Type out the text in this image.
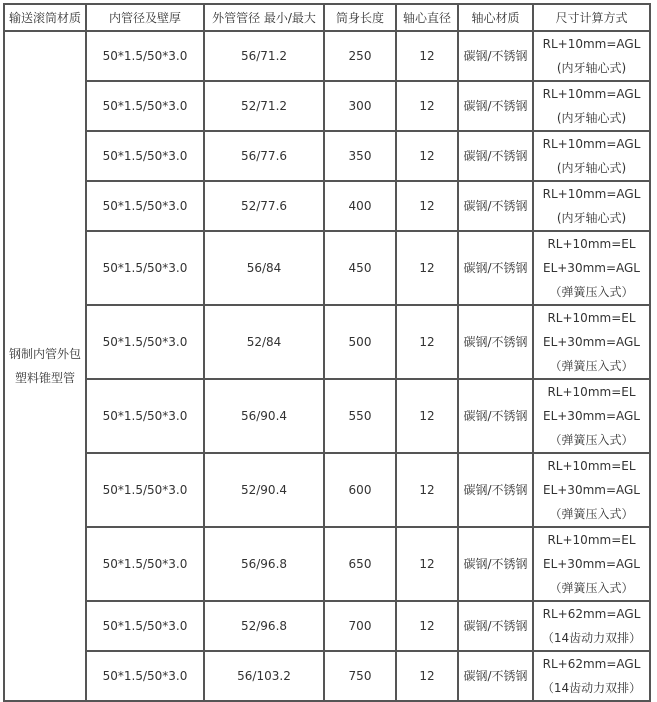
输送滚筒材质	内管径及壁厚	外管管径 最小/最大	筒身长度	轴心直径	轴心材质	尺寸计算方式

钢制内管外包
塑料锥型管	50*1.5/50*3.0	56/71.2	250	12	碳钢/不锈钢	RL+10mm=AGL
(内牙轴心式)

	50*1.5/50*3.0	52/71.2	300	12	碳钢/不锈钢	RL+10mm=AGL
(内牙轴心式)

	50*1.5/50*3.0	56/77.6	350	12	碳钢/不锈钢	RL+10mm=AGL
(内牙轴心式)

	50*1.5/50*3.0	52/77.6	400	12	碳钢/不锈钢	RL+10mm=AGL
(内牙轴心式)

	50*1.5/50*3.0	56/84	450	12	碳钢/不锈钢	RL+10mm=EL
EL+30mm=AGL
（弹簧压入式）

	50*1.5/50*3.0	52/84	500	12	碳钢/不锈钢	RL+10mm=EL
EL+30mm=AGL
（弹簧压入式）

	50*1.5/50*3.0	56/90.4	550	12	碳钢/不锈钢	RL+10mm=EL
EL+30mm=AGL
（弹簧压入式）

	50*1.5/50*3.0	52/90.4	600	12	碳钢/不锈钢	RL+10mm=EL
EL+30mm=AGL
（弹簧压入式）

	50*1.5/50*3.0	56/96.8	650	12	碳钢/不锈钢	RL+10mm=EL
EL+30mm=AGL
（弹簧压入式）

	50*1.5/50*3.0	52/96.8	700	12	碳钢/不锈钢	RL+62mm=AGL
（14齿动力双排）

	50*1.5/50*3.0	56/103.2	750	12	碳钢/不锈钢	RL+62mm=AGL
（14齿动力双排）
